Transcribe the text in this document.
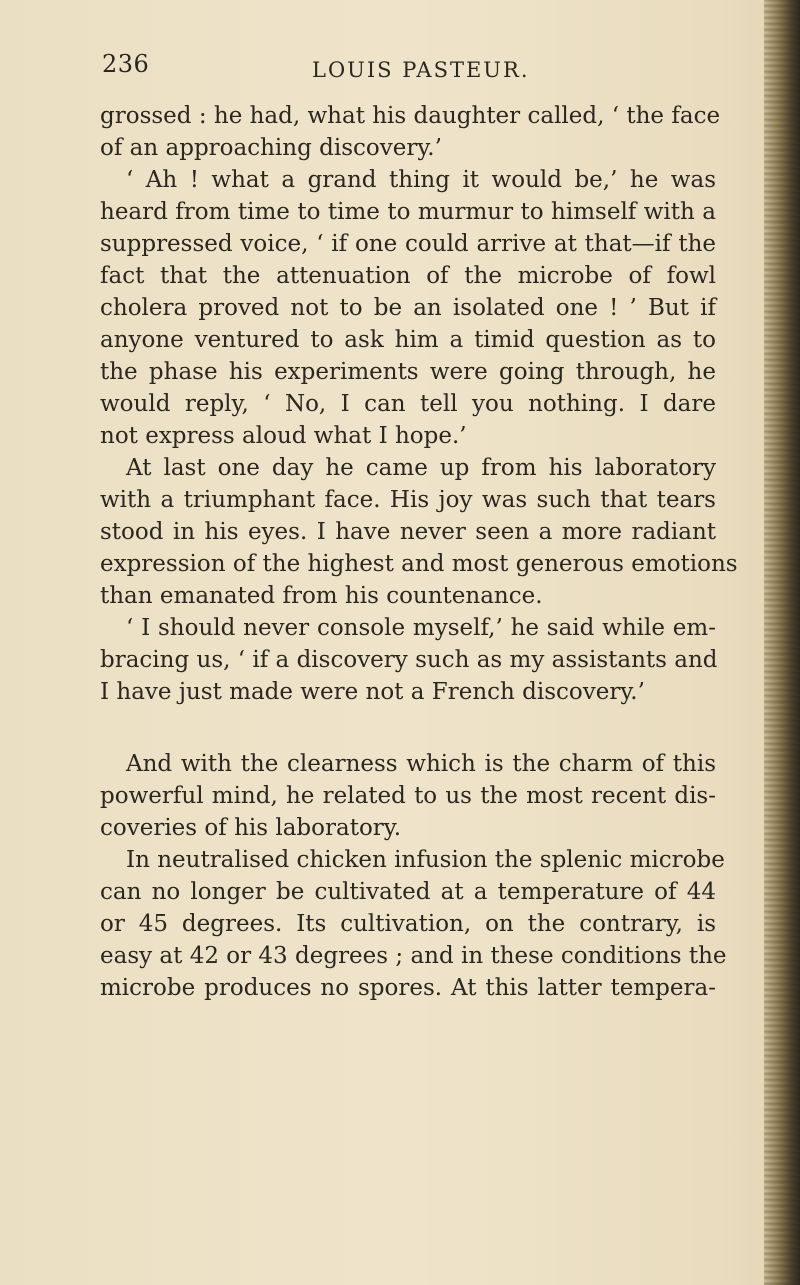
236	LOUIS PASTEUR.
grossed : he had, what his daughter called, ‘ the face
of an approaching discovery.’
‘ Ah ! what a grand thing it would be,’ he was
heard from time to time to murmur to himself with a
suppressed voice, ‘ if one could arrive at that—if the
fact that the attenuation of the microbe of fowl
cholera proved not to be an isolated one ! ’ But if
anyone ventured to ask him a timid question as to
the phase his experiments were going through, he
would reply, ‘ No, I can tell you nothing. I dare
not express aloud what I hope.’
At last one day he came up from his laboratory
with a triumphant face. His joy was such that tears
stood in his eyes. I have never seen a more radiant
expression of the highest and most generous emotions
than emanated from his countenance.
‘ I should never console myself,’ he said while em-
bracing us, ‘ if a discovery such as my assistants and
I have just made were not a French discovery.’
And with the clearness which is the charm of this
powerful mind, he related to us the most recent dis-
coveries of his laboratory.
In neutralised chicken infusion the splenic microbe
can no longer be cultivated at a temperature of 44
or 45 degrees. Its cultivation, on the contrary, is
easy at 42 or 43 degrees ; and in these conditions the
microbe produces no spores. At this latter tempera-
